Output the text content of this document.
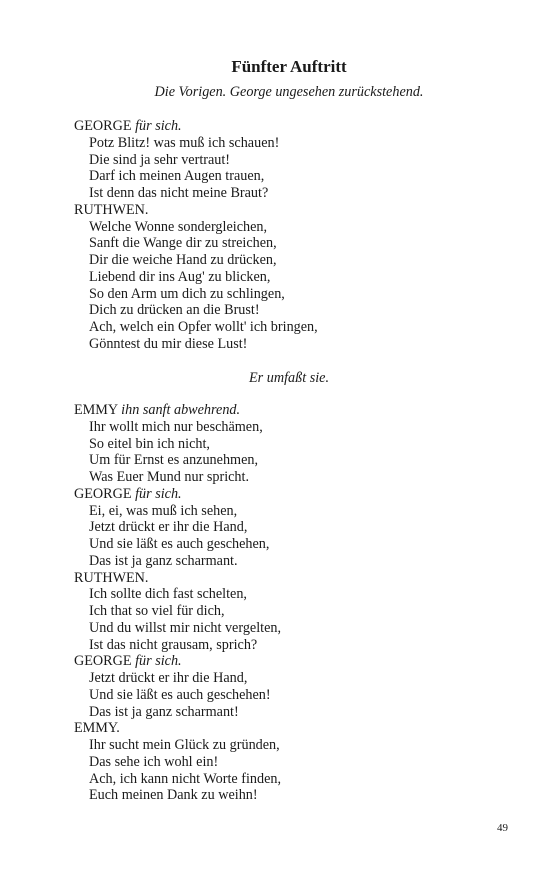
Fünfter Auftritt
Die Vorigen. George ungesehen zurückstehend.
GEORGE für sich.
Potz Blitz! was muß ich schauen!
Die sind ja sehr vertraut!
Darf ich meinen Augen trauen,
Ist denn das nicht meine Braut?
RUTHWEN.
Welche Wonne sondergleichen,
Sanft die Wange dir zu streichen,
Dir die weiche Hand zu drücken,
Liebend dir ins Aug' zu blicken,
So den Arm um dich zu schlingen,
Dich zu drücken an die Brust!
Ach, welch ein Opfer wollt' ich bringen,
Gönntest du mir diese Lust!
Er umfaßt sie.
EMMY ihn sanft abwehrend.
Ihr wollt mich nur beschämen,
So eitel bin ich nicht,
Um für Ernst es anzunehmen,
Was Euer Mund nur spricht.
GEORGE für sich.
Ei, ei, was muß ich sehen,
Jetzt drückt er ihr die Hand,
Und sie läßt es auch geschehen,
Das ist ja ganz scharmant.
RUTHWEN.
Ich sollte dich fast schelten,
Ich that so viel für dich,
Und du willst mir nicht vergelten,
Ist das nicht grausam, sprich?
GEORGE für sich.
Jetzt drückt er ihr die Hand,
Und sie läßt es auch geschehen!
Das ist ja ganz scharmant!
EMMY.
Ihr sucht mein Glück zu gründen,
Das sehe ich wohl ein!
Ach, ich kann nicht Worte finden,
Euch meinen Dank zu weihn!
49
